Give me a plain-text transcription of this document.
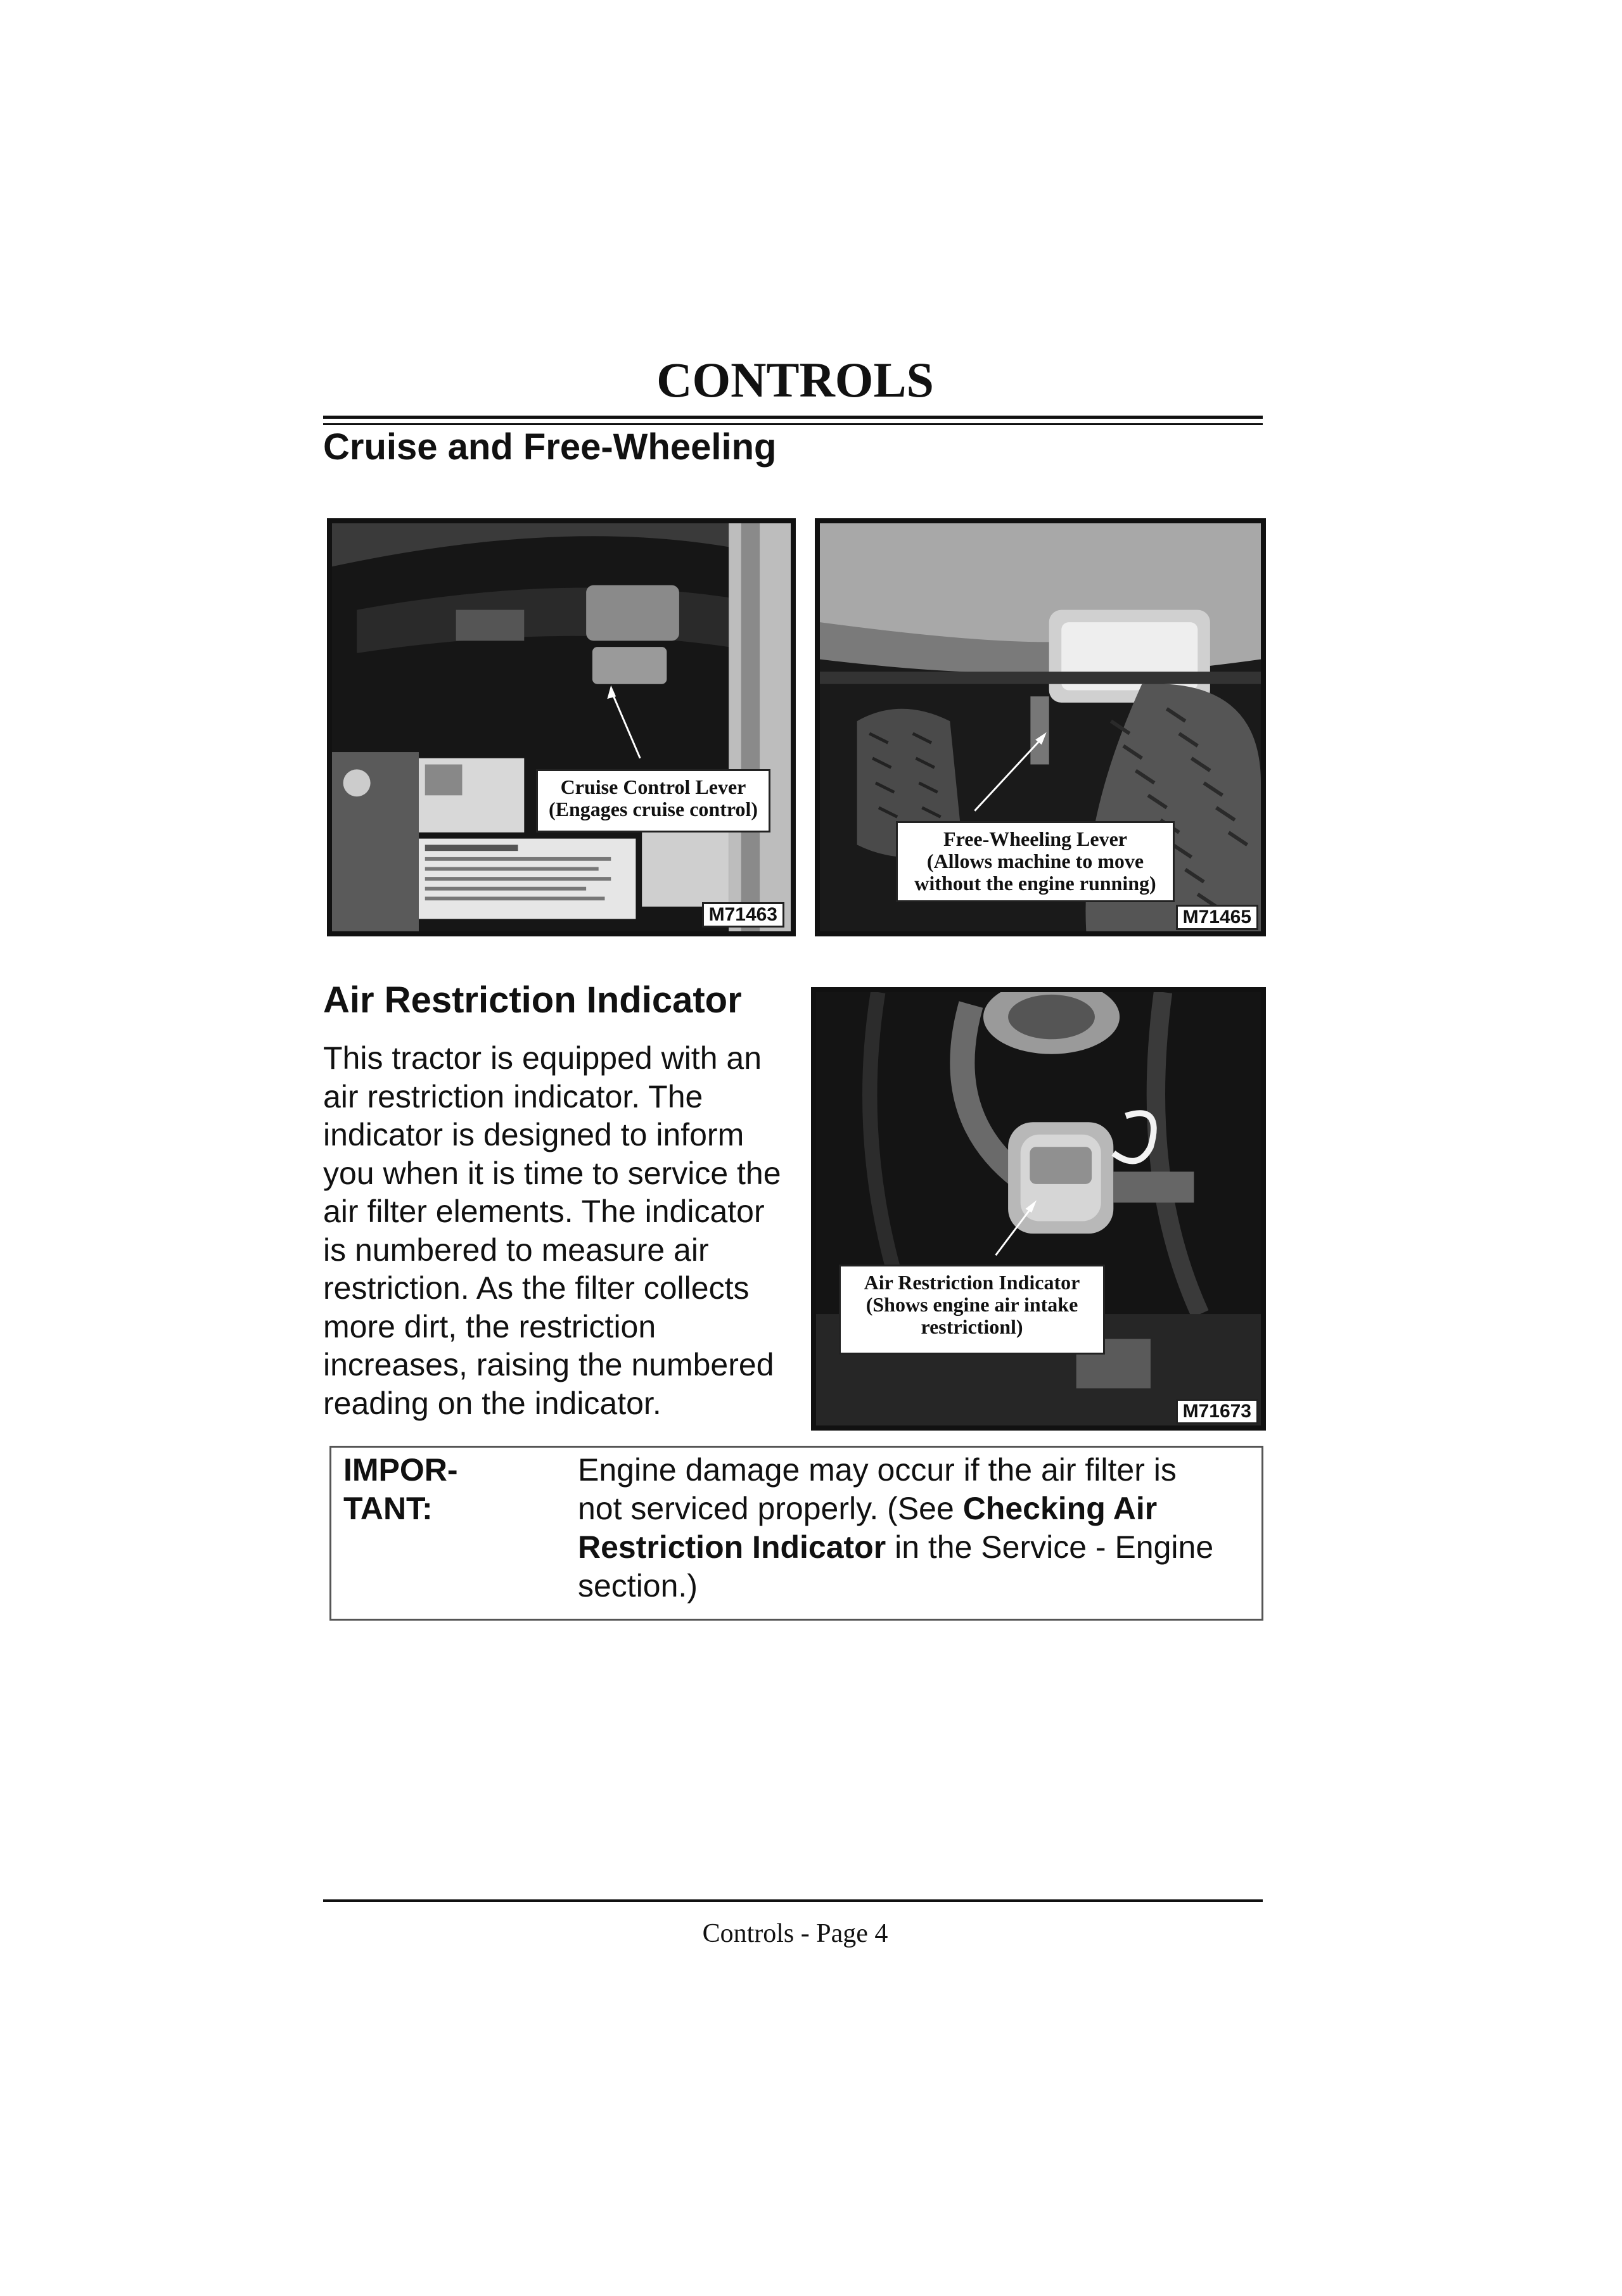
CONTROLS
Cruise and Free-Wheeling
Cruise Control Lever
(Engages cruise control)
M71463
Free-Wheeling Lever
(Allows machine to move
without the engine running)
M71465
Air Restriction Indicator
This tractor is equipped with an
air restriction indicator. The
indicator is designed to inform
you when it is time to service the
air filter elements. The indicator
is numbered to measure air
restriction. As the filter collects
more dirt, the restriction
increases, raising the numbered
reading on the indicator.
Air Restriction Indicator
(Shows engine air intake
restrictionl)
M71673
IMPOR-
TANT:
Engine damage may occur if the air filter is
not serviced properly. (See Checking Air
Restriction Indicator in the Service - Engine
section.)
Controls - Page 4
